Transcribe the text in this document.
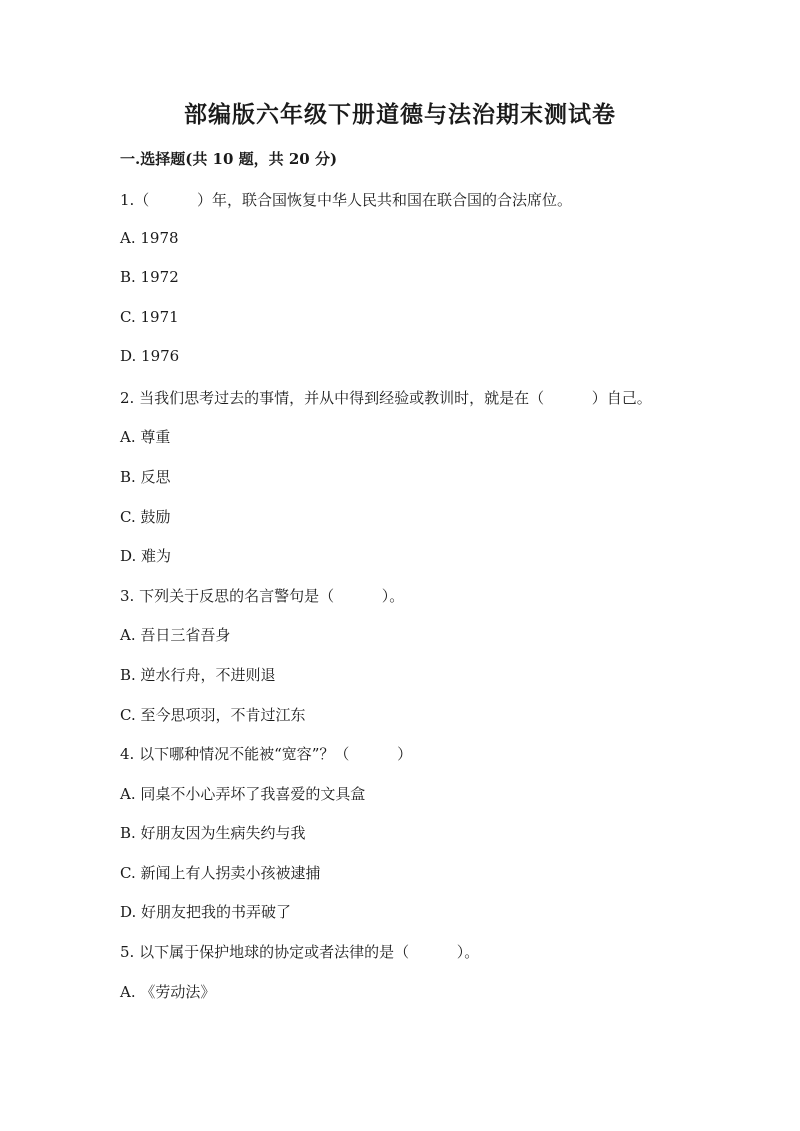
部编版六年级下册道德与法治期末测试卷
一.选择题(共 10 题，共 20 分)
1.（          ）年，联合国恢复中华人民共和国在联合国的合法席位。
A. 1978
B. 1972
C. 1971
D. 1976
2. 当我们思考过去的事情，并从中得到经验或教训时，就是在（          ）自己。
A. 尊重
B. 反思
C. 鼓励
D. 难为
3. 下列关于反思的名言警句是（          ）。
A. 吾日三省吾身
B. 逆水行舟，不进则退
C. 至今思项羽，不肯过江东
4. 以下哪种情况不能被“宽容”？（          ）
A. 同桌不小心弄坏了我喜爱的文具盒
B. 好朋友因为生病失约与我
C. 新闻上有人拐卖小孩被逮捕
D. 好朋友把我的书弄破了
5. 以下属于保护地球的协定或者法律的是（          ）。
A. 《劳动法》
